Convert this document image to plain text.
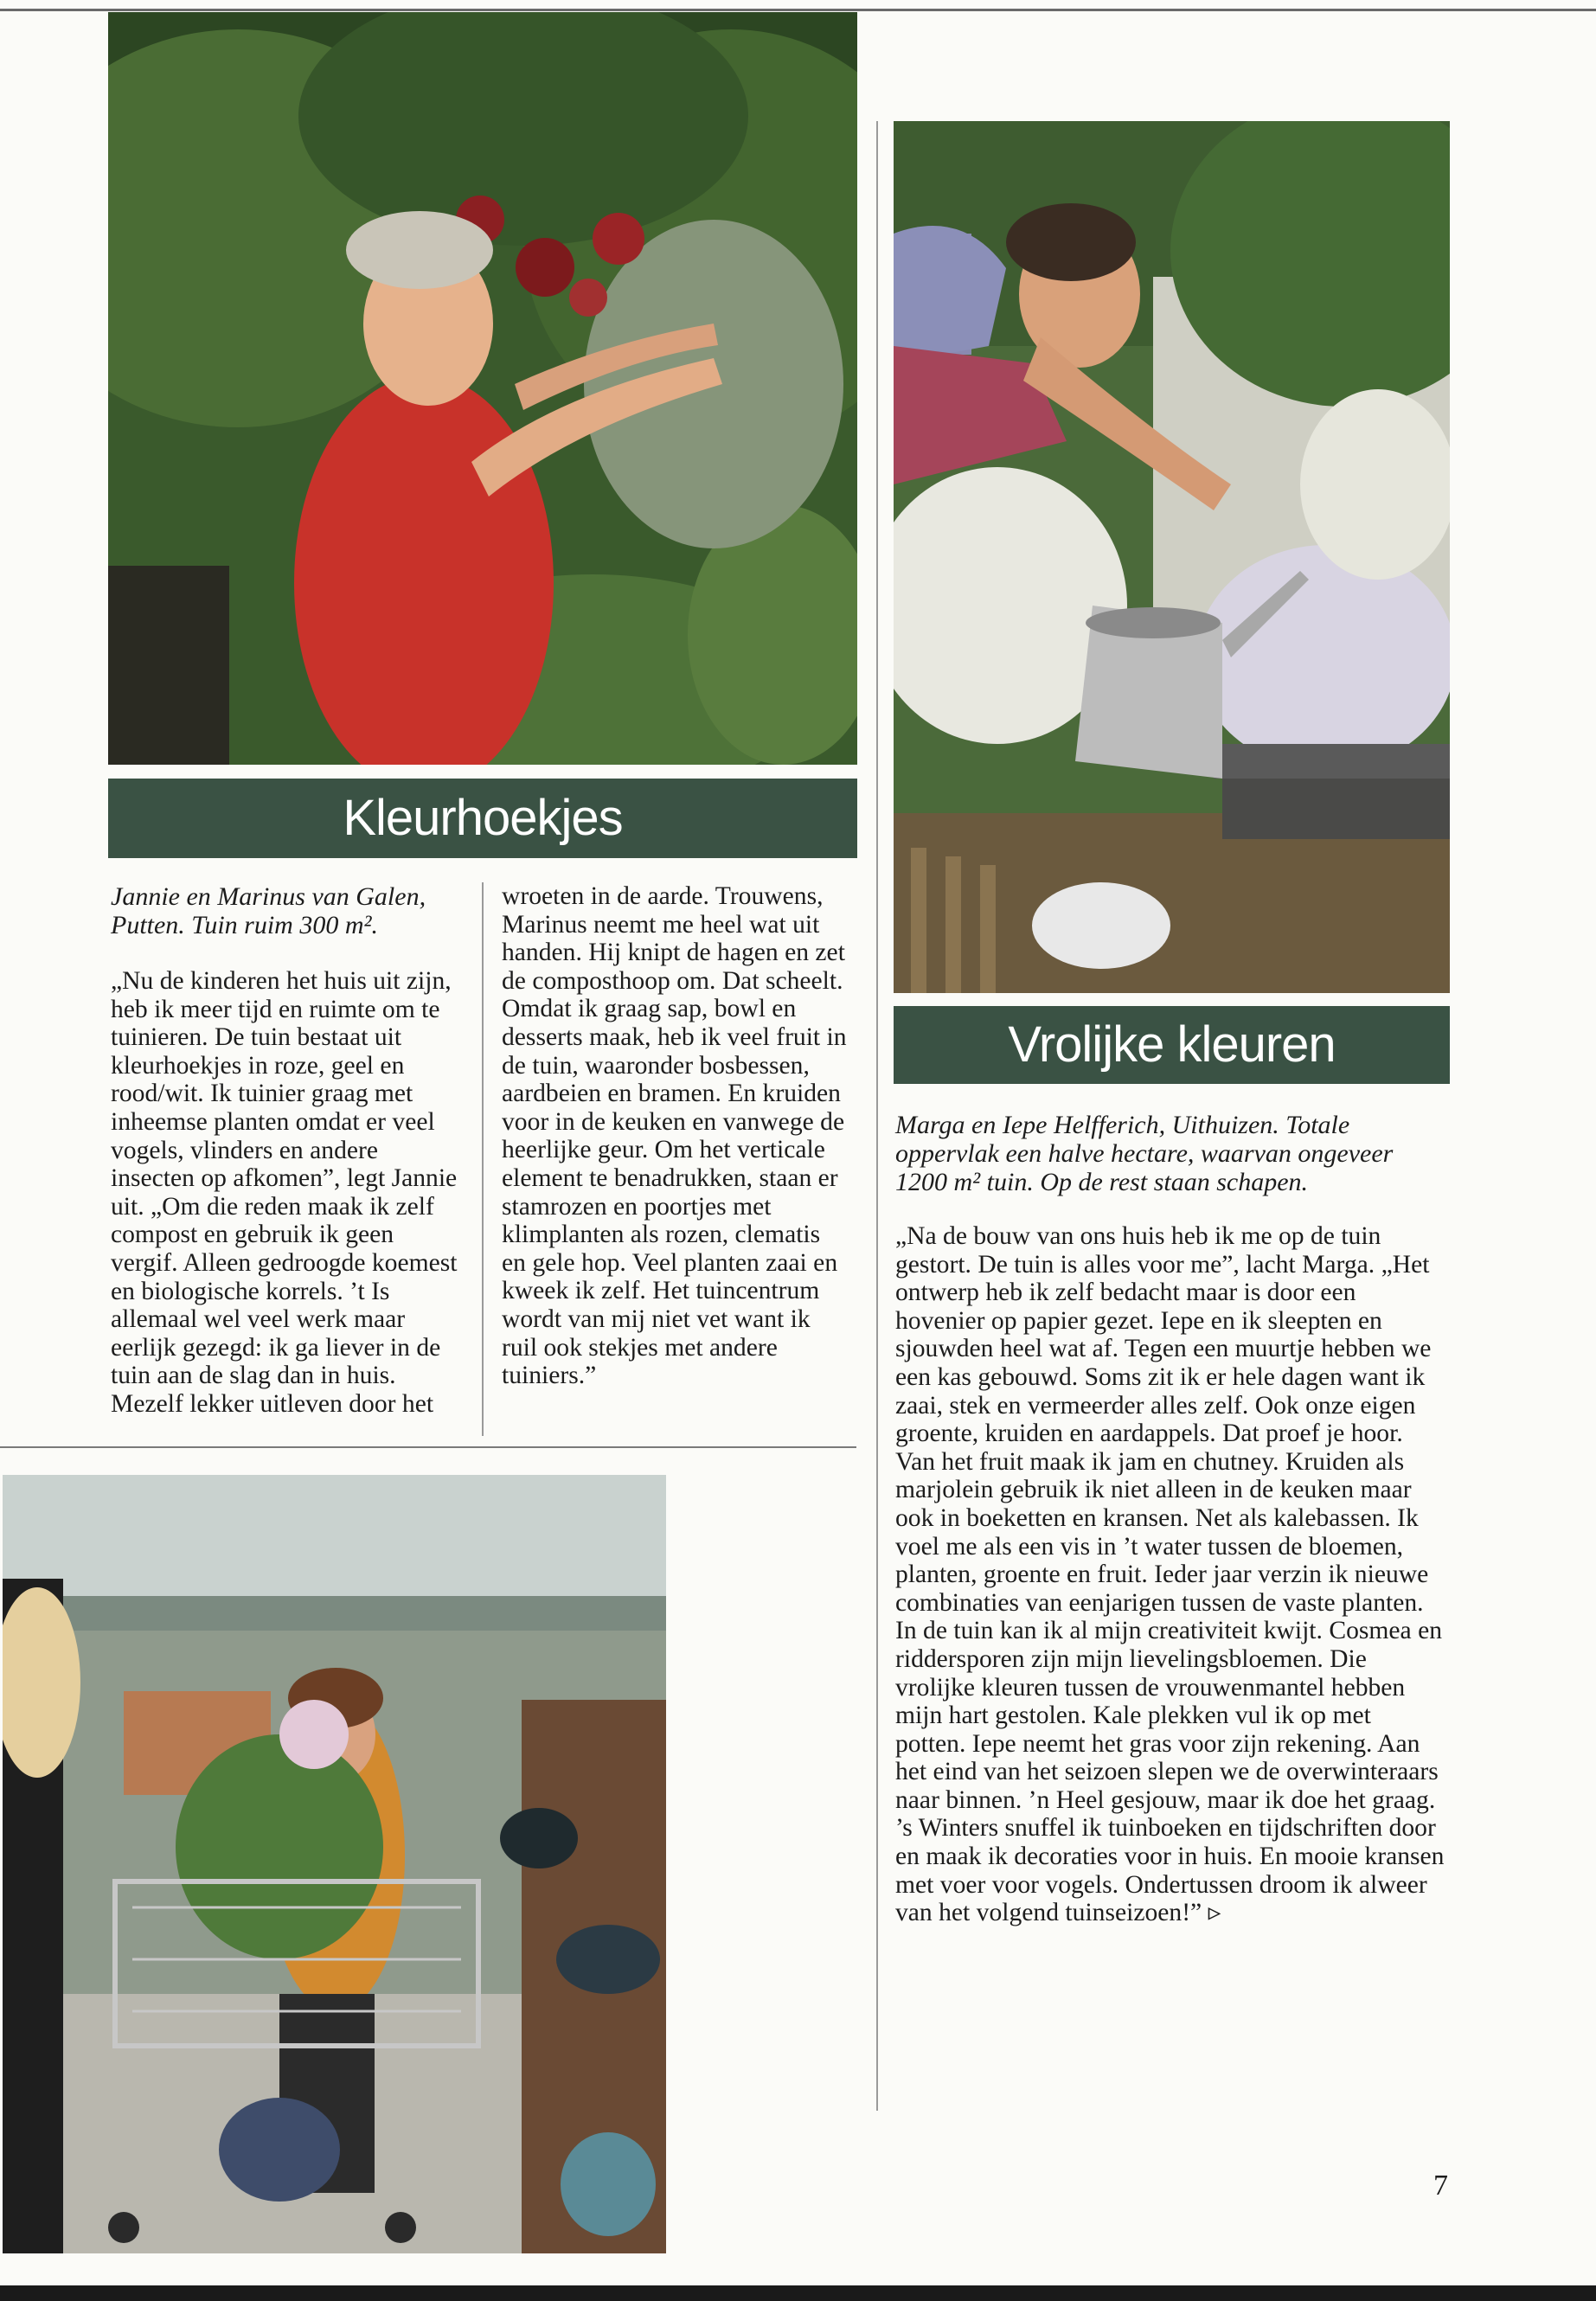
Kleurhoekjes
Jannie en Marinus van Galen, Putten. Tuin ruim 300 m².

„Nu de kinderen het huis uit zijn, heb ik meer tijd en ruimte om te tuinieren. De tuin bestaat uit kleurhoekjes in roze, geel en rood/wit. Ik tuinier graag met inheemse planten omdat er veel vogels, vlinders en andere insecten op afkomen”, legt Jannie uit. „Om die reden maak ik zelf compost en gebruik ik geen vergif. Alleen gedroogde koemest en biologische korrels. ’t Is allemaal wel veel werk maar eerlijk gezegd: ik ga liever in de tuin aan de slag dan in huis. Mezelf lekker uitleven door het

wroeten in de aarde. Trouwens, Marinus neemt me heel wat uit handen. Hij knipt de hagen en zet de composthoop om. Dat scheelt. Omdat ik graag sap, bowl en desserts maak, heb ik veel fruit in de tuin, waaronder bosbessen, aardbeien en bramen. En kruiden voor in de keuken en vanwege de heerlijke geur. Om het verticale element te benadrukken, staan er stamrozen en poortjes met klimplanten als rozen, clematis en gele hop. Veel planten zaai en kweek ik zelf. Het tuincentrum wordt van mij niet vet want ik ruil ook stekjes met andere tuiniers.”

Vrolijke kleuren
Marga en Iepe Helfferich, Uithuizen. Totale oppervlak een halve hectare, waarvan ongeveer 1200 m² tuin. Op de rest staan schapen.

„Na de bouw van ons huis heb ik me op de tuin gestort. De tuin is alles voor me”, lacht Marga. „Het ontwerp heb ik zelf bedacht maar is door een hovenier op papier gezet. Iepe en ik sleepten en sjouwden heel wat af. Tegen een muurtje hebben we een kas gebouwd. Soms zit ik er hele dagen want ik zaai, stek en vermeerder alles zelf. Ook onze eigen groente, kruiden en aardappels. Dat proef je hoor. Van het fruit maak ik jam en chutney. Kruiden als marjolein gebruik ik niet alleen in de keuken maar ook in boeketten en kransen. Net als kalebassen. Ik voel me als een vis in ’t water tussen de bloemen, planten, groente en fruit. Ieder jaar verzin ik nieuwe combinaties van eenjarigen tussen de vaste planten. In de tuin kan ik al mijn creativiteit kwijt. Cosmea en riddersporen zijn mijn lievelingsbloemen. Die vrolijke kleuren tussen de vrouwenmantel hebben mijn hart gestolen. Kale plekken vul ik op met potten. Iepe neemt het gras voor zijn rekening. Aan het eind van het seizoen slepen we de overwinteraars naar binnen. ’n Heel gesjouw, maar ik doe het graag. ’s Winters snuffel ik tuinboeken en tijdschriften door en maak ik decoraties voor in huis. En mooie kransen met voer voor vogels. Ondertussen droom ik alweer van het volgend tuinseizoen!” ▹

7
